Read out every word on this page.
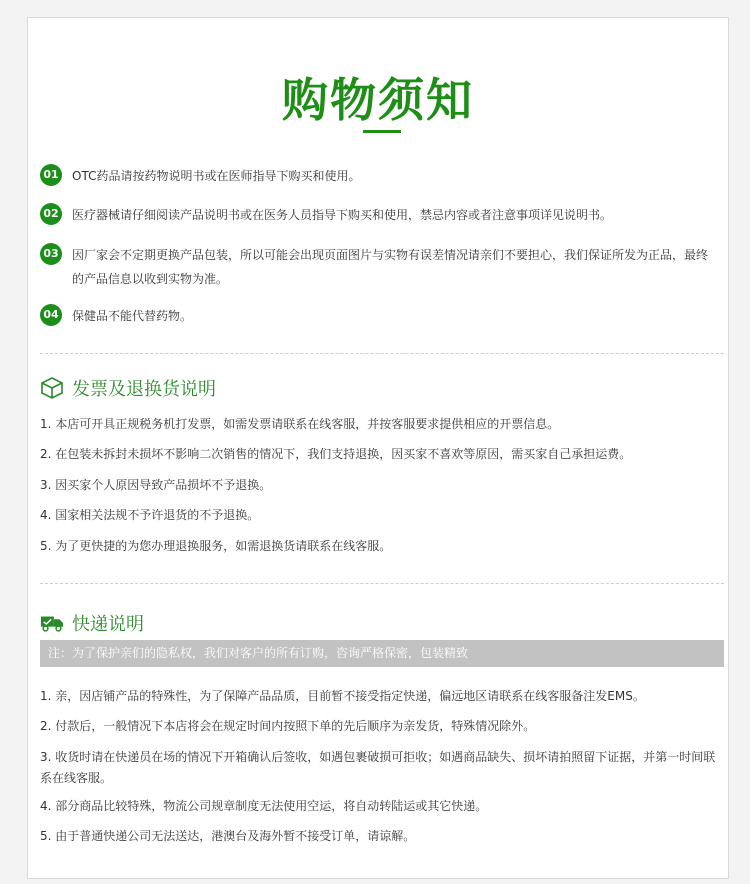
购物须知
01 OTC药品请按药物说明书或在医师指导下购买和使用。
02 医疗器械请仔细阅读产品说明书或在医务人员指导下购买和使用，禁忌内容或者注意事项详见说明书。
03 因厂家会不定期更换产品包装，所以可能会出现页面图片与实物有误差情况请亲们不要担心，我们保证所发为正品，最终的产品信息以收到实物为准。
04 保健品不能代替药物。
发票及退换货说明
1. 本店可开具正规税务机打发票，如需发票请联系在线客服，并按客服要求提供相应的开票信息。
2. 在包装未拆封未损坏不影响二次销售的情况下，我们支持退换，因买家不喜欢等原因，需买家自己承担运费。
3. 因买家个人原因导致产品损坏不予退换。
4. 国家相关法规不予许退货的不予退换。
5. 为了更快捷的为您办理退换服务，如需退换货请联系在线客服。
快递说明
注：为了保护亲们的隐私权，我们对客户的所有订购，咨询严格保密，包装精致
1. 亲，因店铺产品的特殊性，为了保障产品品质，目前暂不接受指定快递，偏远地区请联系在线客服备注发EMS。
2. 付款后，一般情况下本店将会在规定时间内按照下单的先后顺序为亲发货，特殊情况除外。
3. 收货时请在快递员在场的情况下开箱确认后签收，如遇包裹破损可拒收；如遇商品缺失、损坏请拍照留下证据，并第一时间联系在线客服。
4. 部分商品比较特殊，物流公司规章制度无法使用空运，将自动转陆运或其它快递。
5. 由于普通快递公司无法送达，港澳台及海外暂不接受订单，请谅解。
